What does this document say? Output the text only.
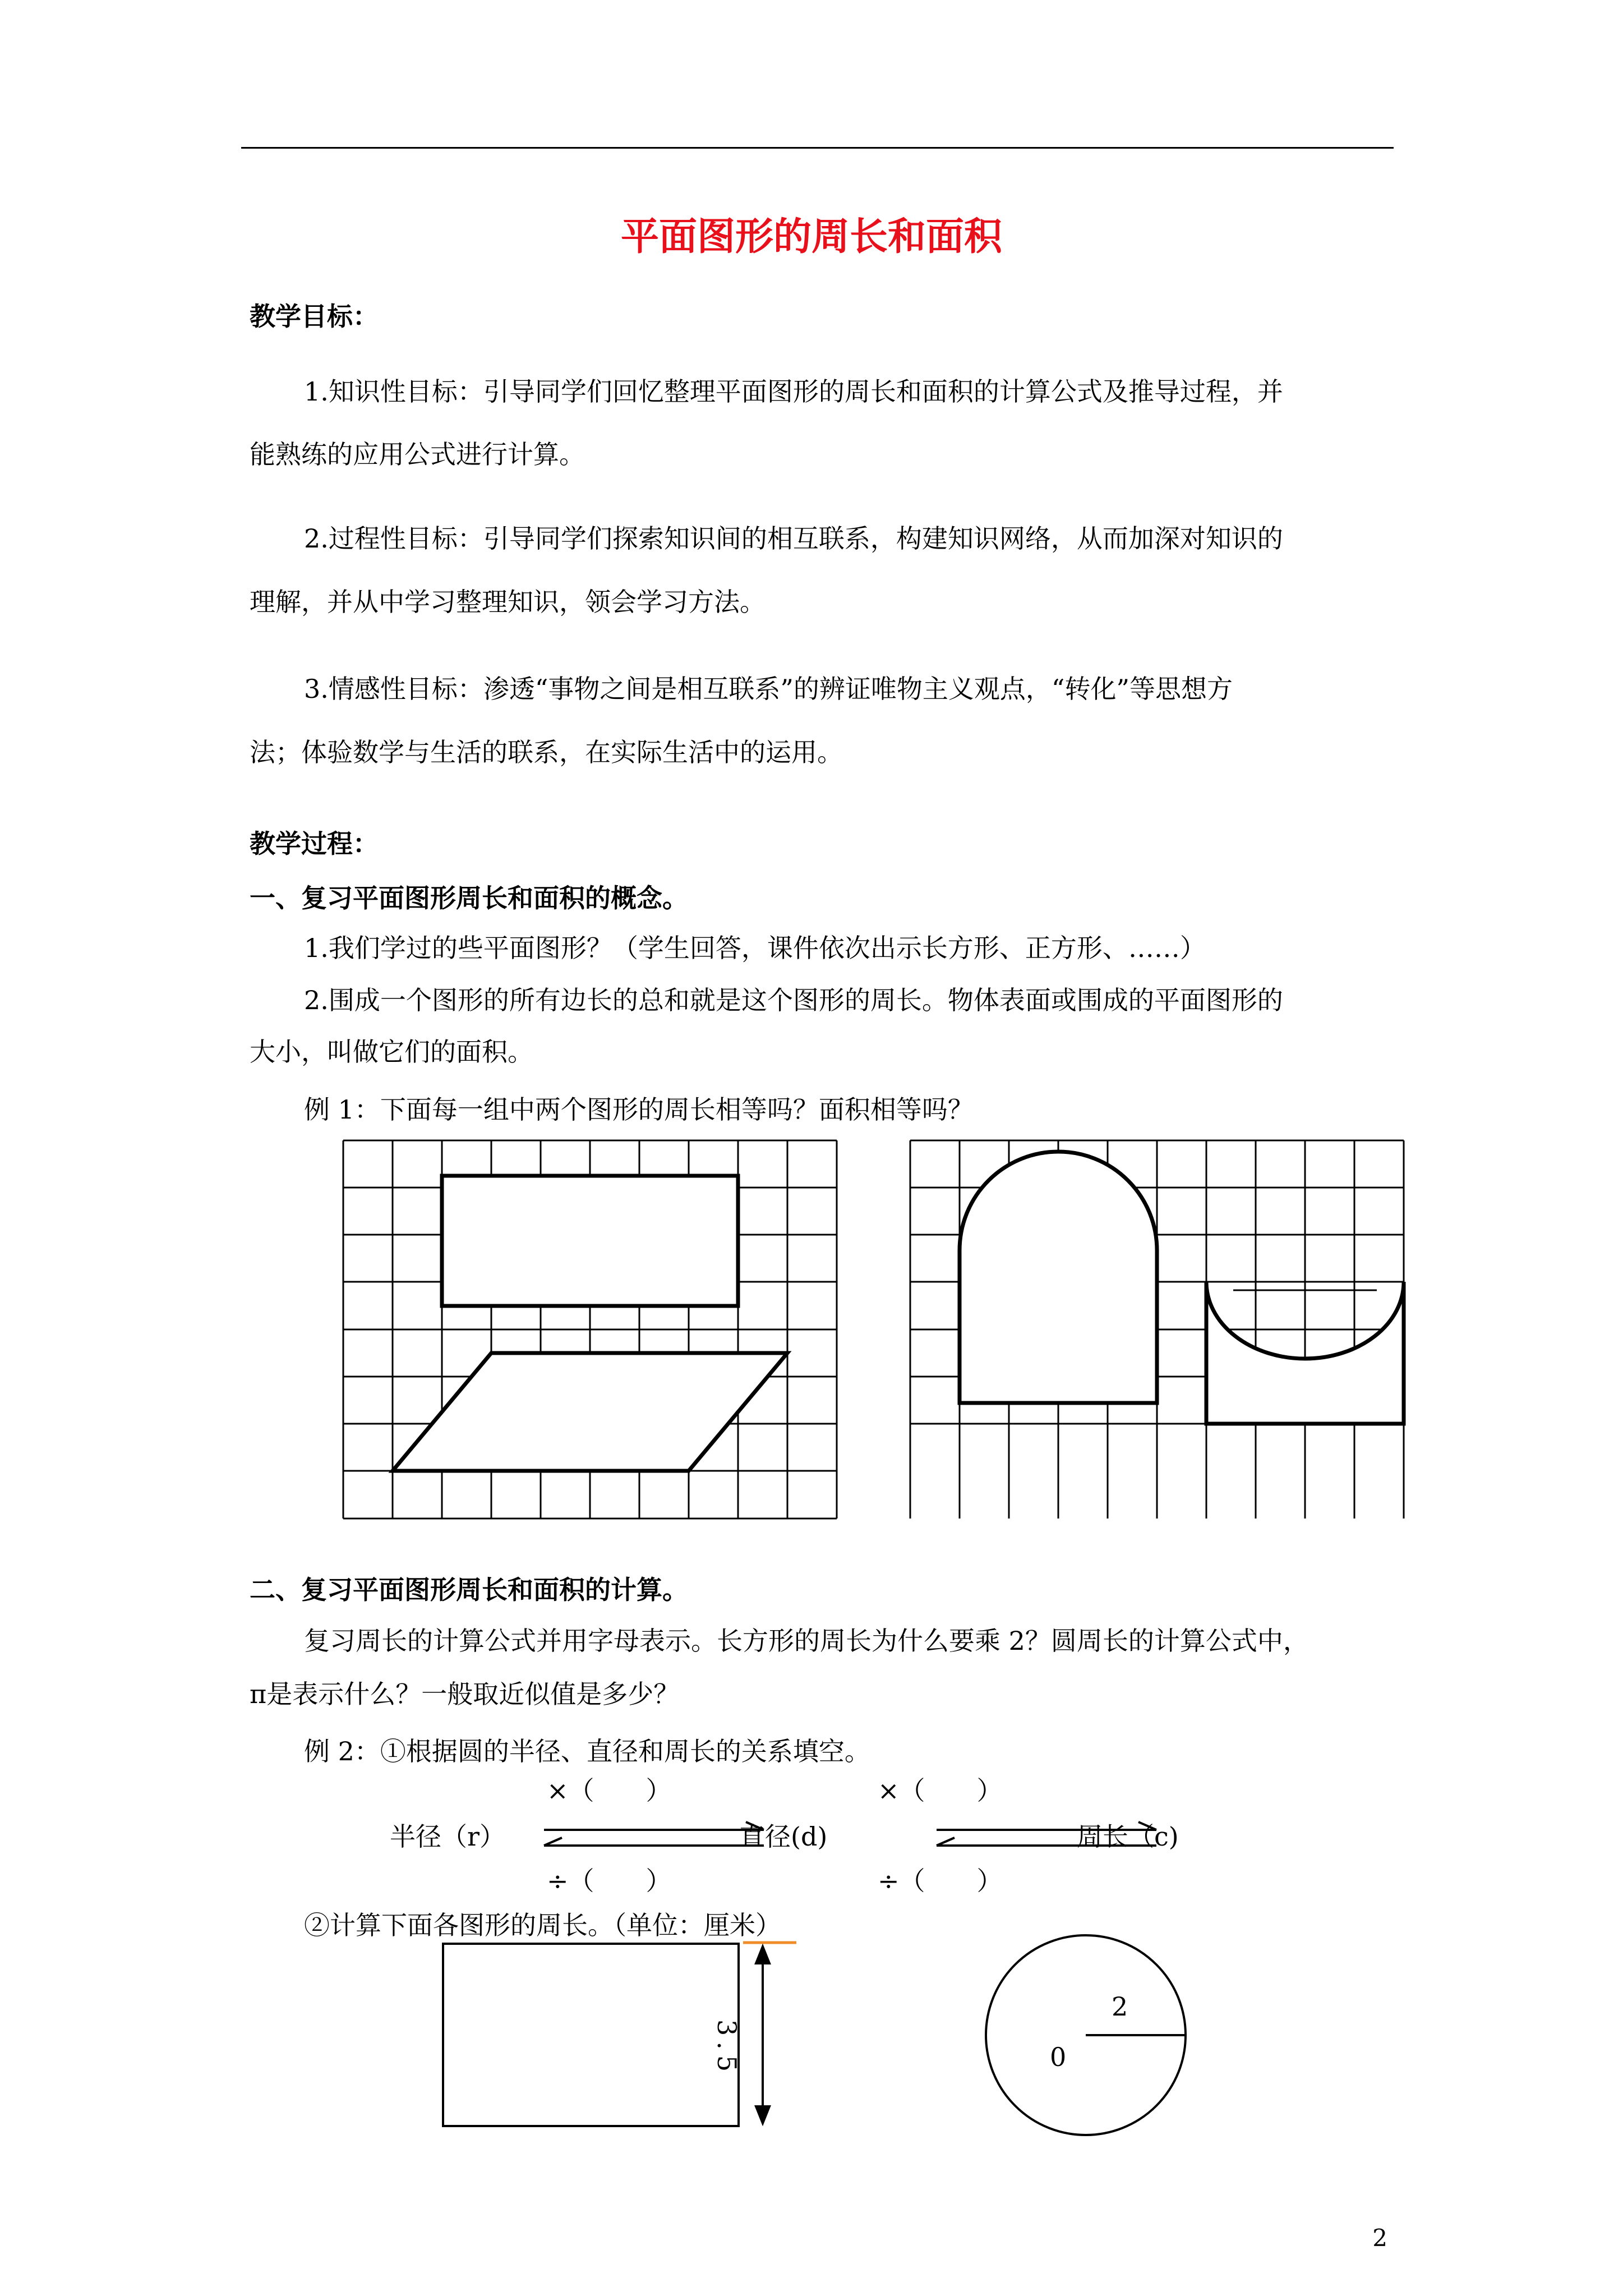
平面图形的周长和面积
教学目标：
1.知识性目标：引导同学们回忆整理平面图形的周长和面积的计算公式及推导过程，并
能熟练的应用公式进行计算。
2.过程性目标：引导同学们探索知识间的相互联系，构建知识网络，从而加深对知识的
理解，并从中学习整理知识，领会学习方法。
3.情感性目标：渗透“事物之间是相互联系”的辨证唯物主义观点，“转化”等思想方
法；体验数学与生活的联系，在实际生活中的运用。
教学过程：
一、复习平面图形周长和面积的概念。
1.我们学过的些平面图形？（学生回答，课件依次出示长方形、正方形、……）
2.围成一个图形的所有边长的总和就是这个图形的周长。物体表面或围成的平面图形的
大小，叫做它们的面积。
例 1：下面每一组中两个图形的周长相等吗？面积相等吗？
二、复习平面图形周长和面积的计算。
复习周长的计算公式并用字母表示。长方形的周长为什么要乘 2？圆周长的计算公式中，
π是表示什么？一般取近似值是多少？
例 2：①根据圆的半径、直径和周长的关系填空。
×（　　）	×（　　）
半径（r）	直径(d)	周长（c)
÷（　　）	÷（　　）
②计算下面各图形的周长。（单位：厘米）
3.5
2
0
2
